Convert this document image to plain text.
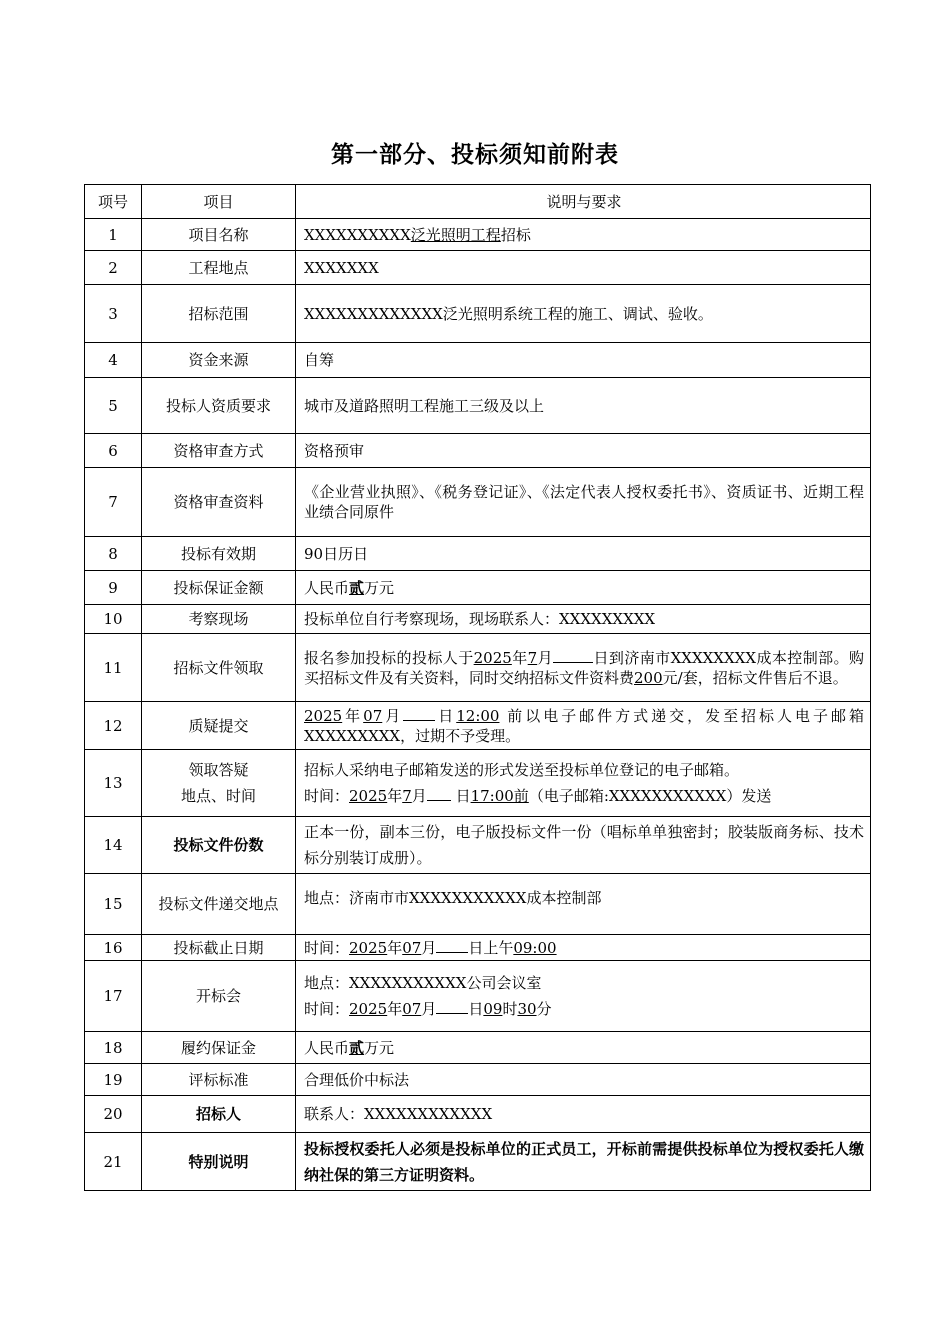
第一部分、投标须知前附表
项号	项目	说明与要求
1	项目名称	XXXXXXXXXX泛光照明工程招标
2	工程地点	XXXXXXX
3	招标范围	XXXXXXXXXXXXX泛光照明系统工程的施工、调试、验收。
4	资金来源	自筹
5	投标人资质要求	城市及道路照明工程施工三级及以上
6	资格审查方式	资格预审
7	资格审查资料	《企业营业执照》、《税务登记证》、《法定代表人授权委托书》、资质证书、近期工程业绩合同原件
8	投标有效期	90日历日
9	投标保证金额	人民币贰万元
10	考察现场	投标单位自行考察现场，现场联系人：XXXXXXXXX
11	招标文件领取	报名参加投标的投标人于2025年7月 日到济南市XXXXXXXX成本控制部。购买招标文件及有关资料，同时交纳招标文件资料费200元/套，招标文件售后不退。
12	质疑提交	2025年07月 日12:00 前以电子邮件方式递交，发至招标人电子邮箱XXXXXXXXX，过期不予受理。
13	领取答疑
地点、时间	招标人采纳电子邮箱发送的形式发送至投标单位登记的电子邮箱。
时间：2025年7月 日17:00前（电子邮箱:XXXXXXXXXXX）发送

14	投标文件份数	正本一份，副本三份，电子版投标文件一份（唱标单单独密封；胶装版商务标、技术标分别装订成册）。
15	投标文件递交地点	地点：济南市市XXXXXXXXXXX成本控制部
16	投标截止日期	时间：2025年07月 日上午09:00
17	开标会	地点：XXXXXXXXXXX公司会议室
时间：2025年07月 日09时30分

18	履约保证金	人民币贰万元
19	评标标准	合理低价中标法
20	招标人	联系人：XXXXXXXXXXXX
21	特别说明	投标授权委托人必须是投标单位的正式员工，开标前需提供投标单位为授权委托人缴纳社保的第三方证明资料。
